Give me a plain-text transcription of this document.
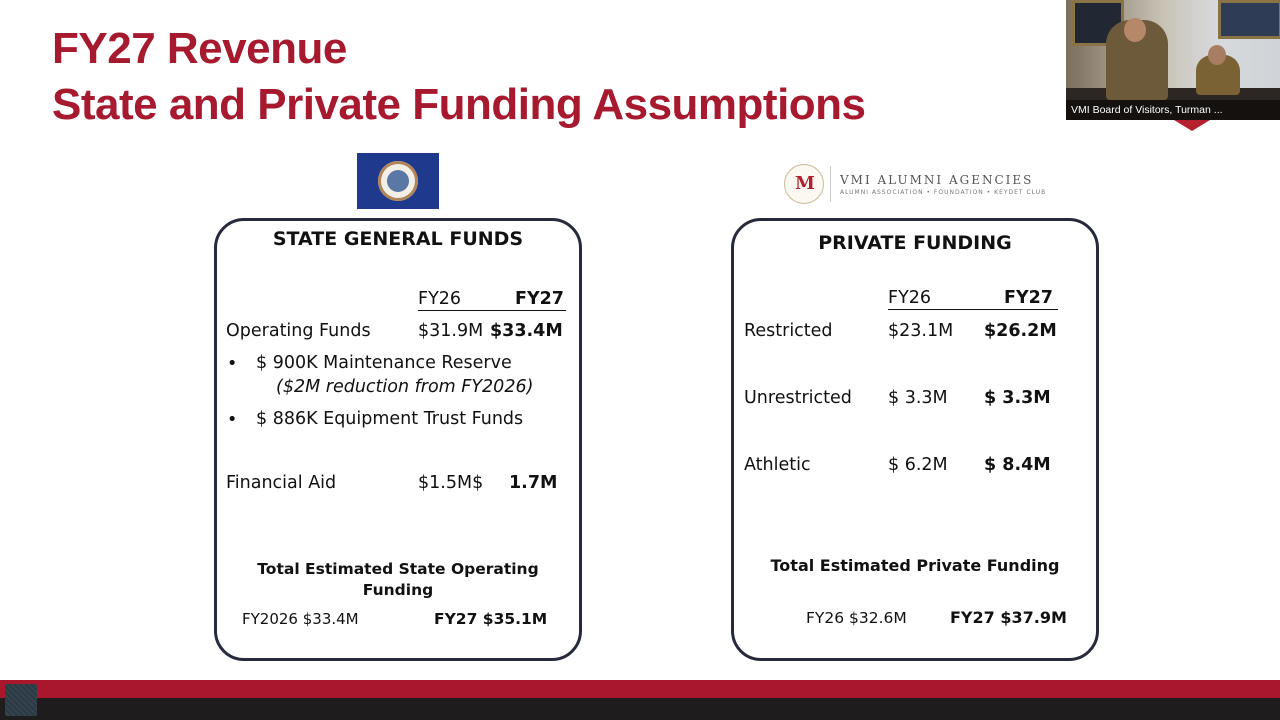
FY27 Revenue
State and Private Funding Assumptions	VMI Board of Visitors, Turman ...
M VMI ALUMNI AGENCIES
ALUMNI ASSOCIATION • FOUNDATION • KEYDET CLUB
STATE GENERAL FUNDS
FY26	FY27
Operating Funds	$31.9M $33.4M
• $ 900K Maintenance Reserve
($2M reduction from FY2026)
• $ 886K Equipment Trust Funds
Financial Aid	$1.5M$ 1.7M
Total Estimated State Operating
Funding
FY2026 $33.4M	FY27 $35.1M
PRIVATE FUNDING
FY26	FY27
Restricted	$23.1M $26.2M
Unrestricted $ 3.3M $ 3.3M
Athletic	$ 6.2M $ 8.4M
Total Estimated Private Funding
FY26 $32.6M	FY27 $37.9M
